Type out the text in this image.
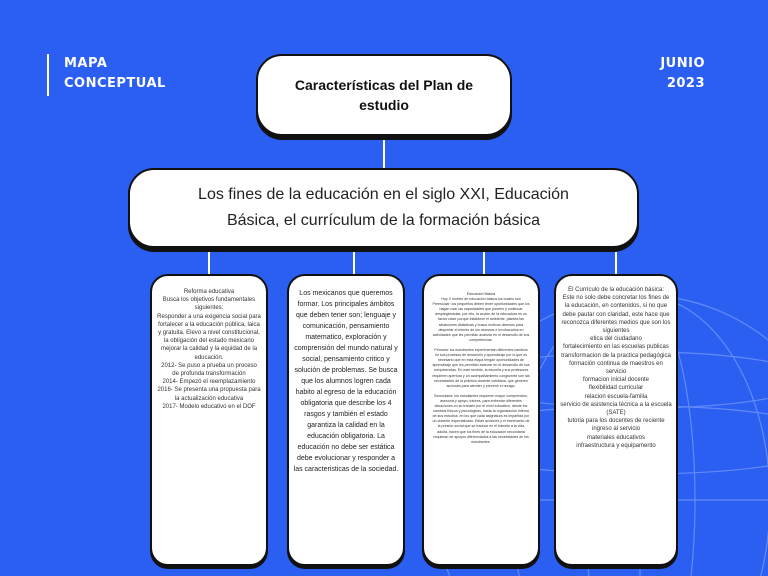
MAPA
CONCEPTUAL
JUNIO
2023
Características del Plan de estudio
Los fines de la educación en el siglo XXI, Educación Básica, el currículum de la formación básica
Reforma educativa
Busca los objetivos fundamentales siguientes:
Responder a una exigencia social para fortalecer a la educación pública, laica y gratuita. Elevo a nivel constitucional, la obligación del estado mexicano mejorar la calidad y la equidad de la educación.
2012- Se puso a prueba un proceso de profunda transformación
2014- Empezó el reemplazamiento
2016- Se presenta una propuesta para la actualización educativa
2017- Modelo educativo en el DOF
Los mexicanos que queremos formar. Los principales ámbitos que deben tener son; lenguaje y comunicación, pensamiento matematico, exploración y comprensión del mundo natural y social, pensamiento critico y solución de problemas. Se busca que los alumnos logren cada habito al egreso de la educación obligatoria que describe los 4 rasgos y también el estado garantiza la calidad en la educación obligatoria. La educación no debe ser estática debe evolucionar y responder a las caracteristicas de la sociedad.
Educación Básica
Hoy X niveles de educación básica los cuales son Preescolar: los pequeños deben tener oportunidades que los hagan usar las capacidades que poseen y continuar desplegándolas, por ello, la acción de la educadora es un factor clave porque establece el ambiente, plantea las situaciones didácticas y busca motivos diversos para despertar el interés de los alumnos e involucrarlos en actividades que les permitan avanzar en el desarrollo de sus competencias.

Primaria: los estudiantes experimentan diferentes cambios en sus procesos de desarrollo y aprendizaje por lo que es necesario que en esta etapa tengan oportunidades de aprendizaje que les permitan avanzar en el desarrollo de sus competencias. En este sentido, la escuela y sus profesores requieren apertura y un acompañamiento congruente con las necesidades de la práctica docente cotidiana, que generen acciones para atender y prevenir el rezago.

Secundaria: los estudiantes requieren mayor comprensión, asesoría y apoyo; tutores, para enfrentar diferentes situaciones en su tránsito por el nivel educativo, desde los cambios físicos y psicológicos, hasta la organización interna de sus estudios, en los que cada asignatura es impartida por un docente especializado. Estas acciones y el incremento de la presión social que se traduce en el tránsito a la vida adulta, hacen que los fines de la educación secundaria requieran de apoyos diferenciados a las necesidades de los estudiantes.
El Currículo de la educación básica:
Este no solo debe concretar los fines de la educación, en contenidos, si no que debe pautar con claridad, este hace que reconozca diferentes medios que son los siguientes
etica del ciudadano
fortalecimiento en las escuelas publicas
transformacion de la practica pedagógica
formación continua de maestros en servicio
formacion inicial docente
flexibilidad curricular
relacion escuela-familia
servicio de asistencia técnica a la escuela (SATE)
tutoria para los docentes de reciente ingreso al servicio
materiales educativos
infraestructura y equipamento
